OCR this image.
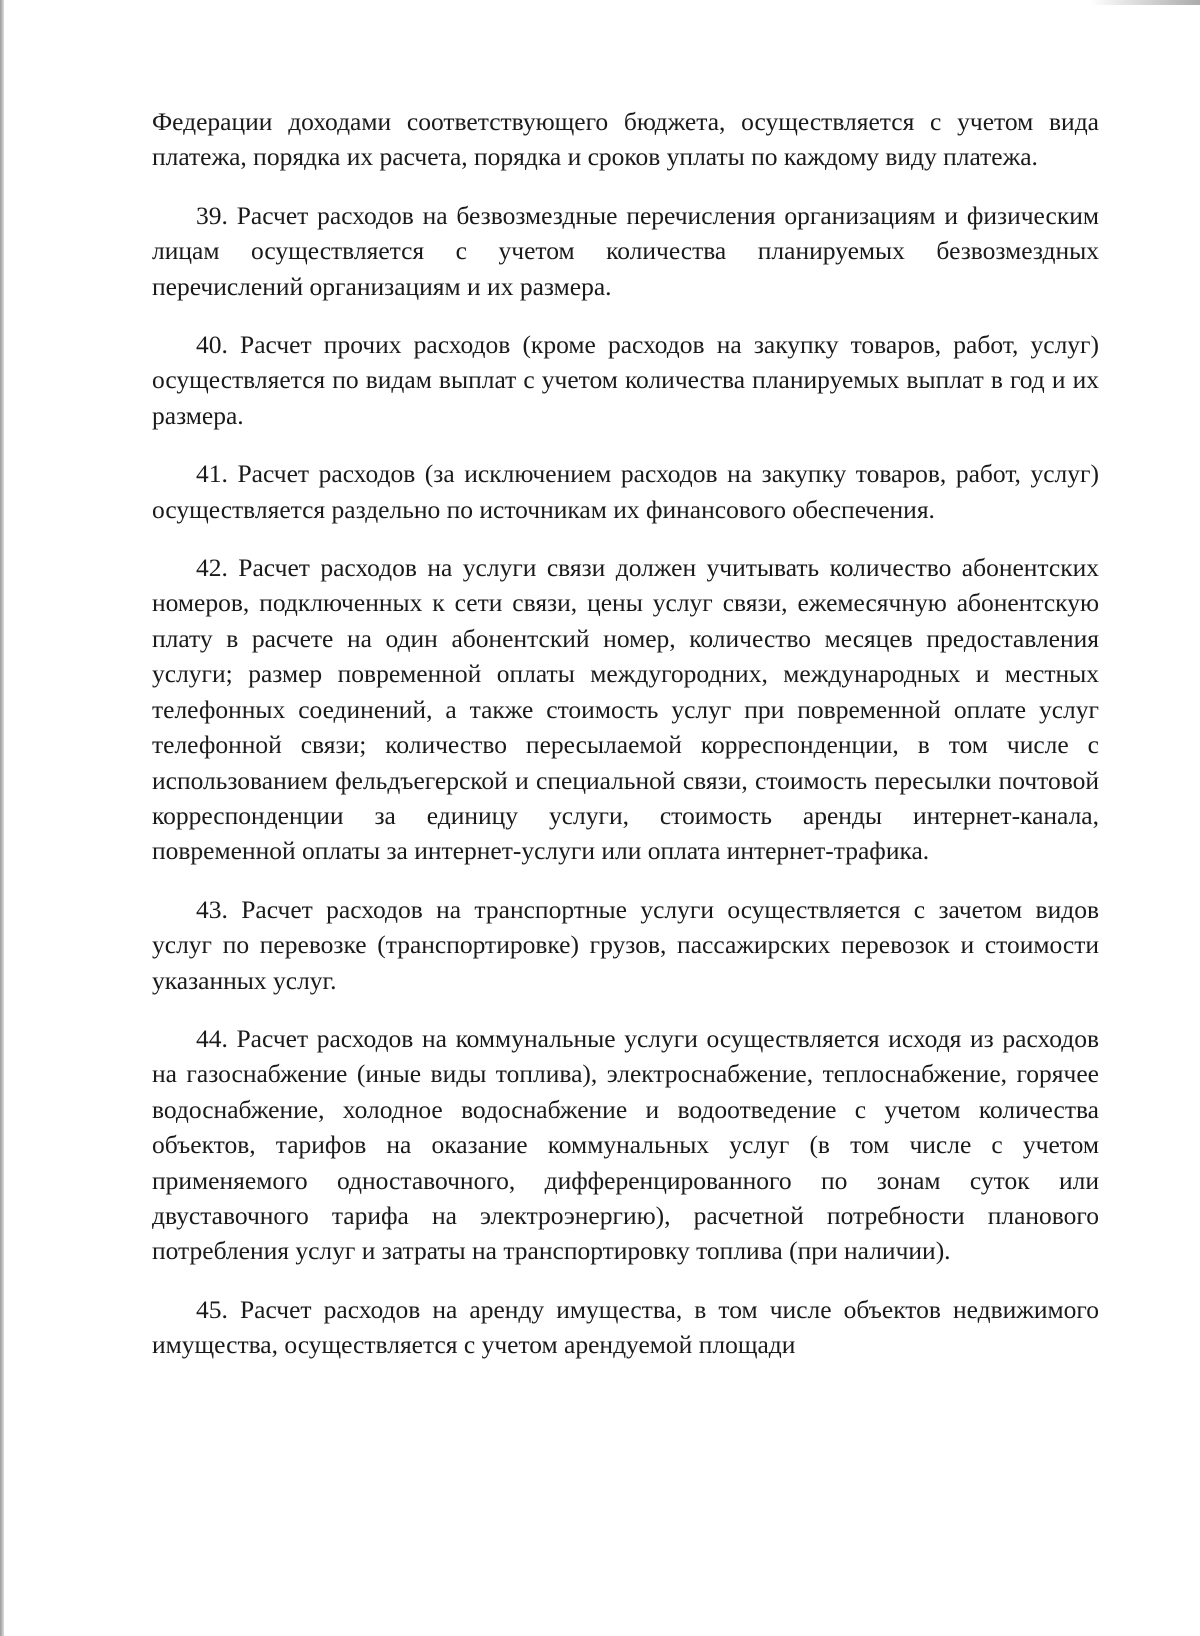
Федерации доходами соответствующего бюджета, осуществляется с учетом вида платежа, порядка их расчета, порядка и сроков уплаты по каждому виду платежа.

39. Расчет расходов на безвозмездные перечисления организациям и физическим лицам осуществляется с учетом количества планируемых безвозмездных перечислений организациям и их размера.

40. Расчет прочих расходов (кроме расходов на закупку товаров, работ, услуг) осуществляется по видам выплат с учетом количества планируемых выплат в год и их размера.

41. Расчет расходов (за исключением расходов на закупку товаров, работ, услуг) осуществляется раздельно по источникам их финансового обеспечения.

42. Расчет расходов на услуги связи должен учитывать количество абонентских номеров, подключенных к сети связи, цены услуг связи, ежемесячную абонентскую плату в расчете на один абонентский номер, количество месяцев предоставления услуги; размер повременной оплаты междугородних, международных и местных телефонных соединений, а также стоимость услуг при повременной оплате услуг телефонной связи; количество пересылаемой корреспонденции, в том числе с использованием фельдъегерской и специальной связи, стоимость пересылки почтовой корреспонденции за единицу услуги, стоимость аренды интернет-канала, повременной оплаты за интернет-услуги или оплата интернет-трафика.

43. Расчет расходов на транспортные услуги осуществляется с зачетом видов услуг по перевозке (транспортировке) грузов, пассажирских перевозок и стоимости указанных услуг.

44. Расчет расходов на коммунальные услуги осуществляется исходя из расходов на газоснабжение (иные виды топлива), электроснабжение, теплоснабжение, горячее водоснабжение, холодное водоснабжение и водоотведение с учетом количества объектов, тарифов на оказание коммунальных услуг (в том числе с учетом применяемого одноставочного, дифференцированного по зонам суток или двуставочного тарифа на электроэнергию), расчетной потребности планового потребления услуг и затраты на транспортировку топлива (при наличии).

45. Расчет расходов на аренду имущества, в том числе объектов недвижимого имущества, осуществляется с учетом арендуемой площади
